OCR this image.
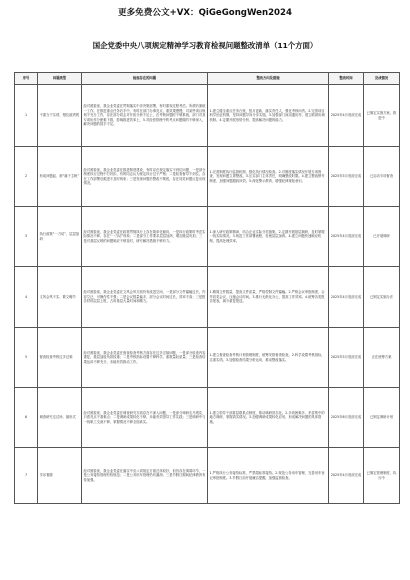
更多免费公文+VX：QiGeGongWen2024
国企党委中央八项规定精神学习教育检视问题整改清单（11个方面）
序号	问题类型	检视存在的问题	整改方向及措施	整改时间	完成情况
1	不重当干实绩、错位政绩观	经对照检视，我企业党委在贯彻落实中央决策部署，有时重视过程考虑。所谓后面统一工作。在推进重点任务后手中，有时在部门办事亮点，重效果慢慢，对某些项目规划不充分工作，存在部分同志对开拓分析不足上，在考核问题时不够系统，部门对其专项协作分配难下推，影响推进效率上，5.对经营管理中的考点问题做的不够深入，解决问题的抓手不足。	1.建立健全重点任务台账，按月更新，落实责任人，强化考核问责。2.完善项目科学论证机制，坚持问题导向分步实施。3.加强部门间沟通协作，建立联席协调机制。4.定期开展形势分析，提高解决问题的能力。	2025年4月底前完成	已制定实施方案，推进中
2	形成问题起、被“落子主帆”	经对照检视，我企业党委在推进制度建设，有时存在规定落实不到位问题，一是部分制度执行过程中打折扣，有的同志认为规定执行过于严格；二是检查督导不到位，存在工作部署后跟进不及时现象；三是发现问题后整改不彻底，存在同类问题反复出现情况。	1.完善制度执行监督机制，强化执行情况检查。2.对制度落实情况开展专项督查，发现问题立即整改。3.压实部门主体责任，明确整改时限。4.建立整改销号制度，加强问题跟踪问效。5.深化警示教育，增强纪律规矩意识。	2025年5月底前完成	已启动专项督查
3	执行政策“一刀切”、层层加码	经对照检视，我企业党委在政策贯彻执行上存在简单化倾向，一是执行政策时考虑实际情况不够，存在“一刀切”现象；二是部分工作要求层层加码，增加基层负担；三是对基层反映的问题响应不够及时，研究解决措施不够有力。	1.深入研究政策精神，结合企业实际分类施策。2.定期开展基层调研，及时掌握一线实际情况。3.规范工作部署流程，杜绝层层加码。4.建立问题快速响应机制，提高处理效率。	2025年4月底前完成	已开展调研
4	文风会风不实、繁文缛节	经对照检视，我企业党委在文风会风方面仍有改进空间，一是部分文件篇幅过长，内容空泛，可操作性不强；二是会议数量偏多，部分会议时间过长，效率不高；三是报告材料层层上报，占用基层大量时间和精力。	1.精简文件数量，提高文件质量，严格控制文件篇幅。2.严格会议审批制度，合并同类会议，压缩会议时间。3.推行无纸化办公，提高工作效率。4.统筹各类报告报表，减少重复报送。	2025年4月底前完成	已制定实施办法
5	督查检查考核过多过频	经对照检视，我企业党委在督查检查考核方面存在过多过频问题，一是部分检查内容重复，基层迎检负担较重；二是考核指标设置不够科学，重数量轻质量；三是检查结果运用不够充分，未能有效推动工作。	1.建立督查检查考核计划管理制度，统筹安排督查检查。2.科学设置考核指标，注重实绩。3.加强检查结果分析运用，推动整改落实。	2025年5月底前完成	正在统筹方案
6	调查研究走过场、搞形式	经对照检视，我企业党委在调查研究方面存在不深入问题，一是部分调研走马观花，只看亮点不看难点；二是调研成果转化不够，未能有效指导工作实践；三是调研中与一线职工交流不够，掌握情况不够全面真实。	1.建立领导干部基层联系点制度，推动调研常态化。2.多到困难多、矛盾集中的地方调研，掌握真实情况。3.加强调研成果转化应用，形成解决问题的具体措施。	2025年6月底前完成	已制定调研计划
7	享乐奢靡	经对照检视，我企业党委在落实中央八项规定方面总体较好，但仍存在薄弱环节，一是公务接待管理有待规范；二是公务用车管理仍有漏洞；三是节假日期间纪律教育有待加强。	1.严格执行公务接待标准，严禁超标准接待。2.规范公务用车管理，完善用车登记审批制度。3.节假日前开展廉洁提醒，加强监督检查。	2025年4月底前完成	已制定管理制度，执行中
